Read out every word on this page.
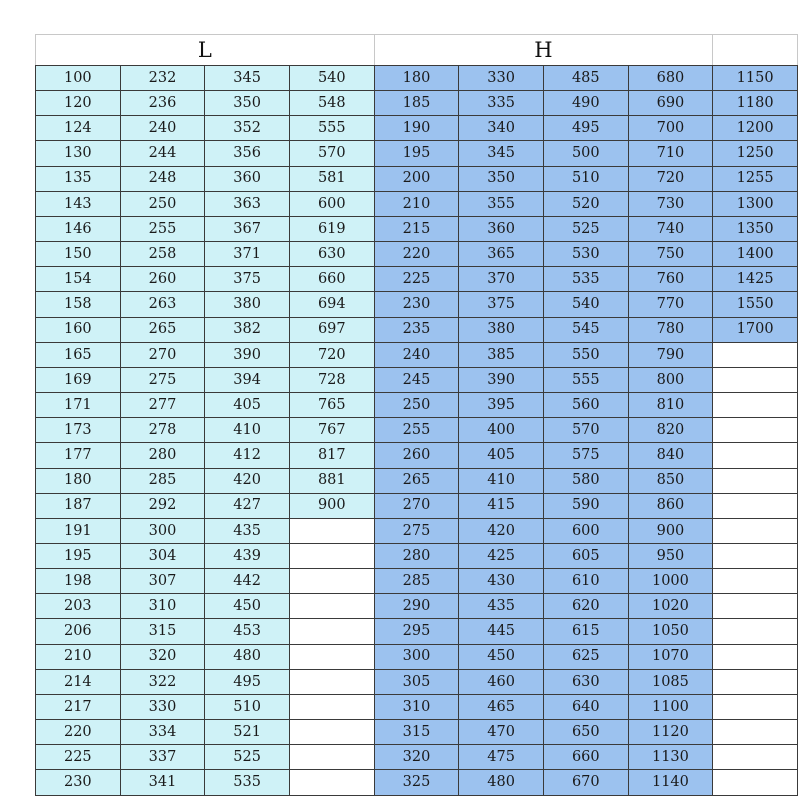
L				H				
100	232	345	540	180	330	485	680	1150
120	236	350	548	185	335	490	690	1180
124	240	352	555	190	340	495	700	1200
130	244	356	570	195	345	500	710	1250
135	248	360	581	200	350	510	720	1255
143	250	363	600	210	355	520	730	1300
146	255	367	619	215	360	525	740	1350
150	258	371	630	220	365	530	750	1400
154	260	375	660	225	370	535	760	1425
158	263	380	694	230	375	540	770	1550
160	265	382	697	235	380	545	780	1700
165	270	390	720	240	385	550	790	
169	275	394	728	245	390	555	800	
171	277	405	765	250	395	560	810	
173	278	410	767	255	400	570	820	
177	280	412	817	260	405	575	840	
180	285	420	881	265	410	580	850	
187	292	427	900	270	415	590	860	
191	300	435		275	420	600	900	
195	304	439		280	425	605	950	
198	307	442		285	430	610	1000	
203	310	450		290	435	620	1020	
206	315	453		295	445	615	1050	
210	320	480		300	450	625	1070	
214	322	495		305	460	630	1085	
217	330	510		310	465	640	1100	
220	334	521		315	470	650	1120	
225	337	525		320	475	660	1130	
230	341	535		325	480	670	1140	
